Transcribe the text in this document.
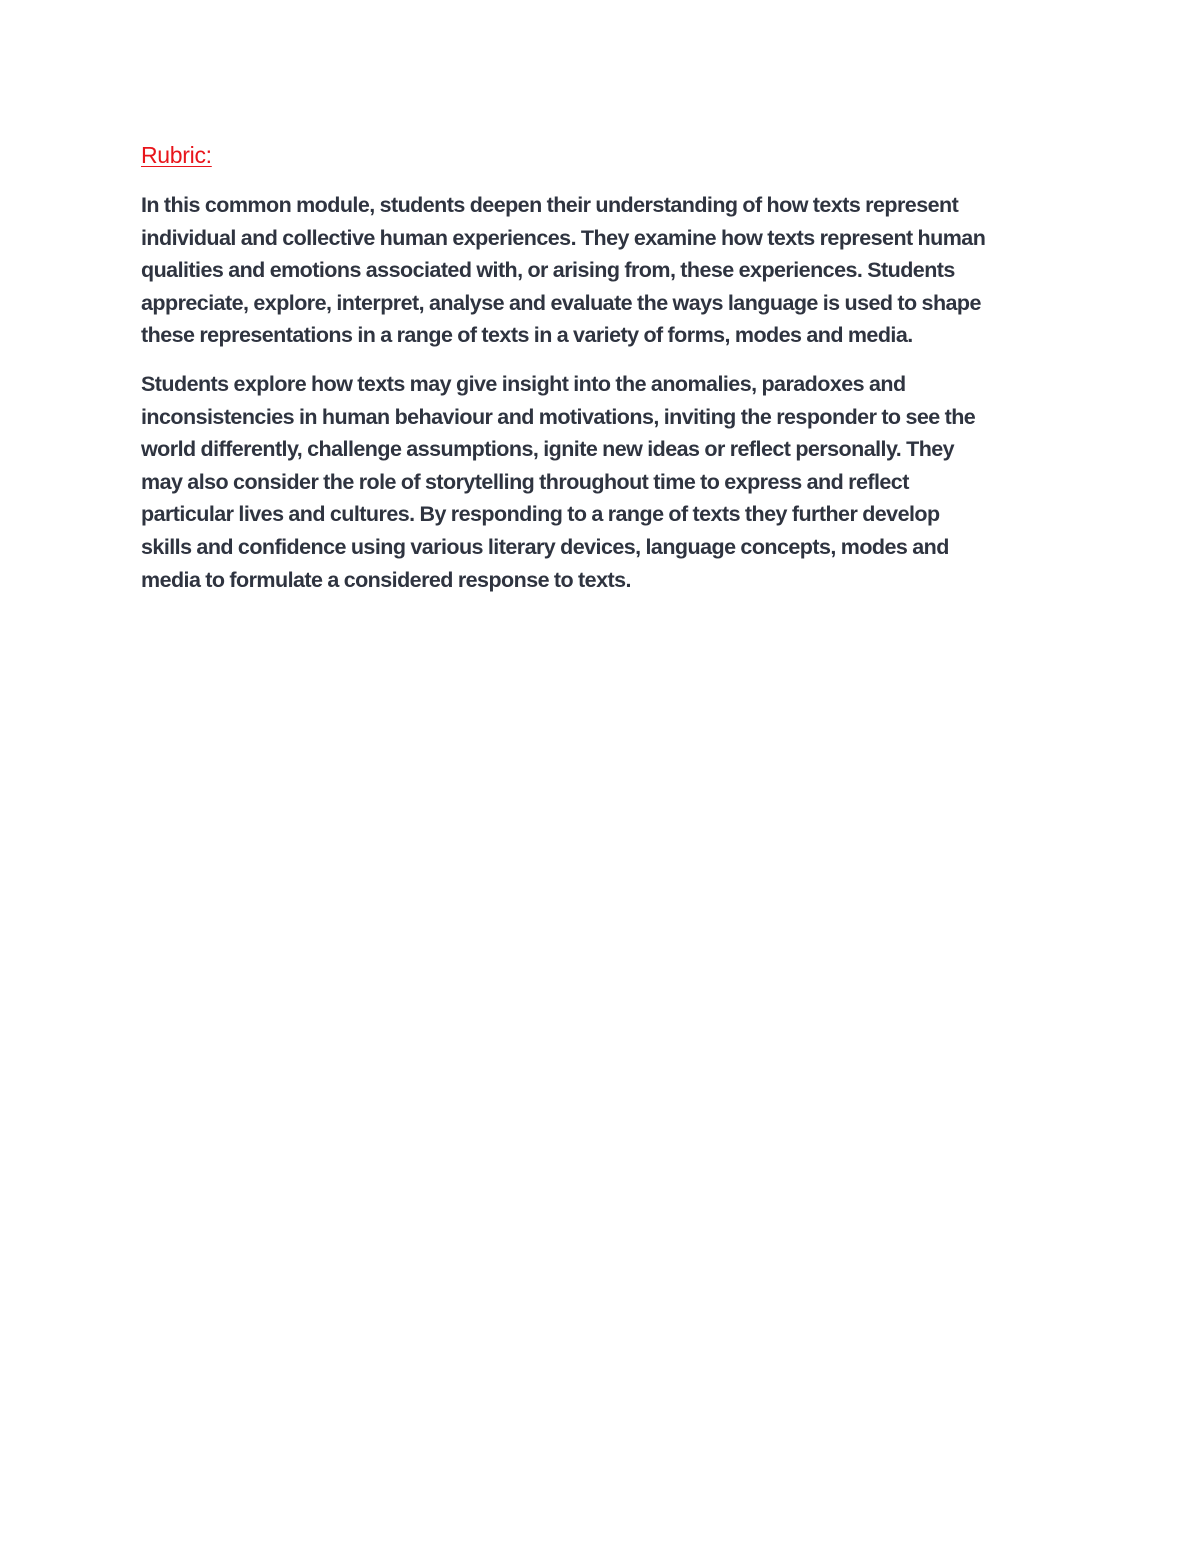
Rubric:

In this common module, students deepen their understanding of how texts represent
individual and collective human experiences. They examine how texts represent human
qualities and emotions associated with, or arising from, these experiences. Students
appreciate, explore, interpret, analyse and evaluate the ways language is used to shape
these representations in a range of texts in a variety of forms, modes and media.

Students explore how texts may give insight into the anomalies, paradoxes and
inconsistencies in human behaviour and motivations, inviting the responder to see the
world differently, challenge assumptions, ignite new ideas or reflect personally. They
may also consider the role of storytelling throughout time to express and reflect
particular lives and cultures. By responding to a range of texts they further develop
skills and confidence using various literary devices, language concepts, modes and
media to formulate a considered response to texts.
